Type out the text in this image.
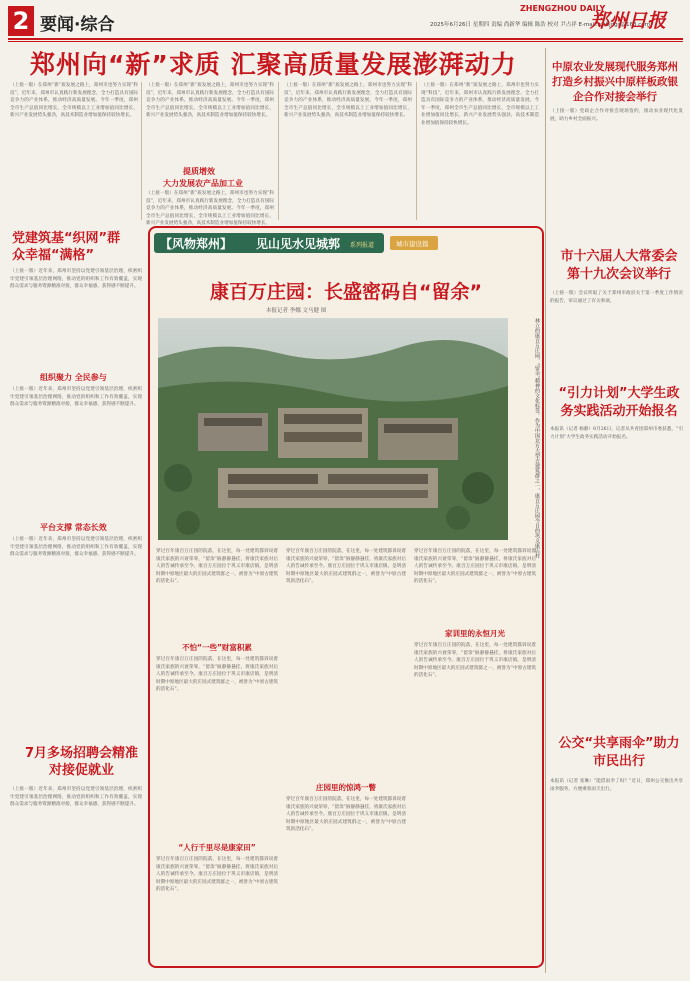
2 要闻·综合
ZHENGZHOU DAILY
2025年6月26日 星期四 责编 尚新华 编辑 陈浩 校对 尹占祥 E-mail:zzrbjdgs@163.com
郑州日报
郑州向“新”求质 汇聚高质量发展澎湃动力
（上接一版）在郑州“新”质发展之路上，郑州市也努力实现“科技”，近年来，郑州市认真践行新发展理念，全力打造具有国际竞争力的产业体系，推动经济高质量发展。今年一季度，郑州全市生产总值同比增长，全市规模以上工业增加值同比增长，新兴产业发展势头强劲，高技术制造业增加值保持较快增长。
（上接一版）在郑州“新”质发展之路上，郑州市也努力实现“科技”，近年来，郑州市认真践行新发展理念，全力打造具有国际竞争力的产业体系，推动经济高质量发展。今年一季度，郑州全市生产总值同比增长，全市规模以上工业增加值同比增长，新兴产业发展势头强劲，高技术制造业增加值保持较快增长。
提质增效
大力发展农产品加工业
（上接一版）在郑州“新”质发展之路上，郑州市也努力实现“科技”，近年来，郑州市认真践行新发展理念，全力打造具有国际竞争力的产业体系，推动经济高质量发展。今年一季度，郑州全市生产总值同比增长，全市规模以上工业增加值同比增长，新兴产业发展势头强劲，高技术制造业增加值保持较快增长。
（上接一版）在郑州“新”质发展之路上，郑州市也努力实现“科技”，近年来，郑州市认真践行新发展理念，全力打造具有国际竞争力的产业体系，推动经济高质量发展。今年一季度，郑州全市生产总值同比增长，全市规模以上工业增加值同比增长，新兴产业发展势头强劲，高技术制造业增加值保持较快增长。
（上接一版）在郑州“新”质发展之路上，郑州市也努力实现“科技”，近年来，郑州市认真践行新发展理念，全力打造具有国际竞争力的产业体系，推动经济高质量发展。今年一季度，郑州全市生产总值同比增长，全市规模以上工业增加值同比增长，新兴产业发展势头强劲，高技术制造业增加值保持较快增长。
中原农业发展现代服务郑州打造乡村振兴中原样板政银企合作对接会举行
（上接一版）党政企合作对接会现场签约，推动农业现代化发展，助力乡村全面振兴。
市十六届人大常委会第十九次会议举行
（上接一版）会议听取了关于郑州市政府关于第一季度工作情况的报告，审议通过了有关事项。
“引力计划”大学生政务实践活动开始报名
本报讯（记者 杨静）6月26日，记者从共青团郑州市委获悉，“引力计划”大学生政务实践活动开始报名。
公交“共享雨伞”助力市民出行
本报讯（记者 张琳）“能借雨伞了吗？”近日，郑州公交推出共享雨伞服务，方便乘客雨天出行。
党建筑基“织网”群众幸福“满格”
（上接一版）近年来，郑州市坚持以党建引领基层治理，织密织牢党建引领基层治理网络，推动党的组织和工作有效覆盖，实现群众需求与服务资源精准对接，群众幸福感、获得感不断提升。
组织聚力 全民参与
（上接一版）近年来，郑州市坚持以党建引领基层治理，织密织牢党建引领基层治理网络，推动党的组织和工作有效覆盖，实现群众需求与服务资源精准对接，群众幸福感、获得感不断提升。
平台支撑 常态长效
（上接一版）近年来，郑州市坚持以党建引领基层治理，织密织牢党建引领基层治理网络，推动党的组织和工作有效覆盖，实现群众需求与服务资源精准对接，群众幸福感、获得感不断提升。
7月多场招聘会精准对接促就业
（上接一版）近年来，郑州市坚持以党建引领基层治理，织密织牢党建引领基层治理网络，推动党的组织和工作有效覆盖，实现群众需求与服务资源精准对接，群众幸福感、获得感不断提升。
【风物郑州】 见山见水见城郭 系列报道	城市建设篇
康百万庄园：长盛密码自“留余”
本报记者 李娜 文马健 图
林立的康百万庄园，“留余”精神的文化标签。作为中国北方大型古建筑群之一，康百万庄园今日的巩义康店村
穿过百年康百万庄园的院落，在这里，每一处建筑都诉说着康氏家族的兴衰荣辱，“留余”匾静静悬挂，将康氏家族对后人的告诫传承至今。康百万庄园位于巩义市康店镇，是明清时期中原地区最大的庄园式建筑群之一，被誉为“中原古建筑的活化石”。
不怕“一些”财富积累
穿过百年康百万庄园的院落，在这里，每一处建筑都诉说着康氏家族的兴衰荣辱，“留余”匾静静悬挂，将康氏家族对后人的告诫传承至今。康百万庄园位于巩义市康店镇，是明清时期中原地区最大的庄园式建筑群之一，被誉为“中原古建筑的活化石”。
“人行千里尽是康家田”
穿过百年康百万庄园的院落，在这里，每一处建筑都诉说着康氏家族的兴衰荣辱，“留余”匾静静悬挂，将康氏家族对后人的告诫传承至今。康百万庄园位于巩义市康店镇，是明清时期中原地区最大的庄园式建筑群之一，被誉为“中原古建筑的活化石”。
穿过百年康百万庄园的院落，在这里，每一处建筑都诉说着康氏家族的兴衰荣辱，“留余”匾静静悬挂，将康氏家族对后人的告诫传承至今。康百万庄园位于巩义市康店镇，是明清时期中原地区最大的庄园式建筑群之一，被誉为“中原古建筑的活化石”。
庄园里的惊鸿一瞥
穿过百年康百万庄园的院落，在这里，每一处建筑都诉说着康氏家族的兴衰荣辱，“留余”匾静静悬挂，将康氏家族对后人的告诫传承至今。康百万庄园位于巩义市康店镇，是明清时期中原地区最大的庄园式建筑群之一，被誉为“中原古建筑的活化石”。
穿过百年康百万庄园的院落，在这里，每一处建筑都诉说着康氏家族的兴衰荣辱，“留余”匾静静悬挂，将康氏家族对后人的告诫传承至今。康百万庄园位于巩义市康店镇，是明清时期中原地区最大的庄园式建筑群之一，被誉为“中原古建筑的活化石”。
家训里的永恒月光
穿过百年康百万庄园的院落，在这里，每一处建筑都诉说着康氏家族的兴衰荣辱，“留余”匾静静悬挂，将康氏家族对后人的告诫传承至今。康百万庄园位于巩义市康店镇，是明清时期中原地区最大的庄园式建筑群之一，被誉为“中原古建筑的活化石”。
